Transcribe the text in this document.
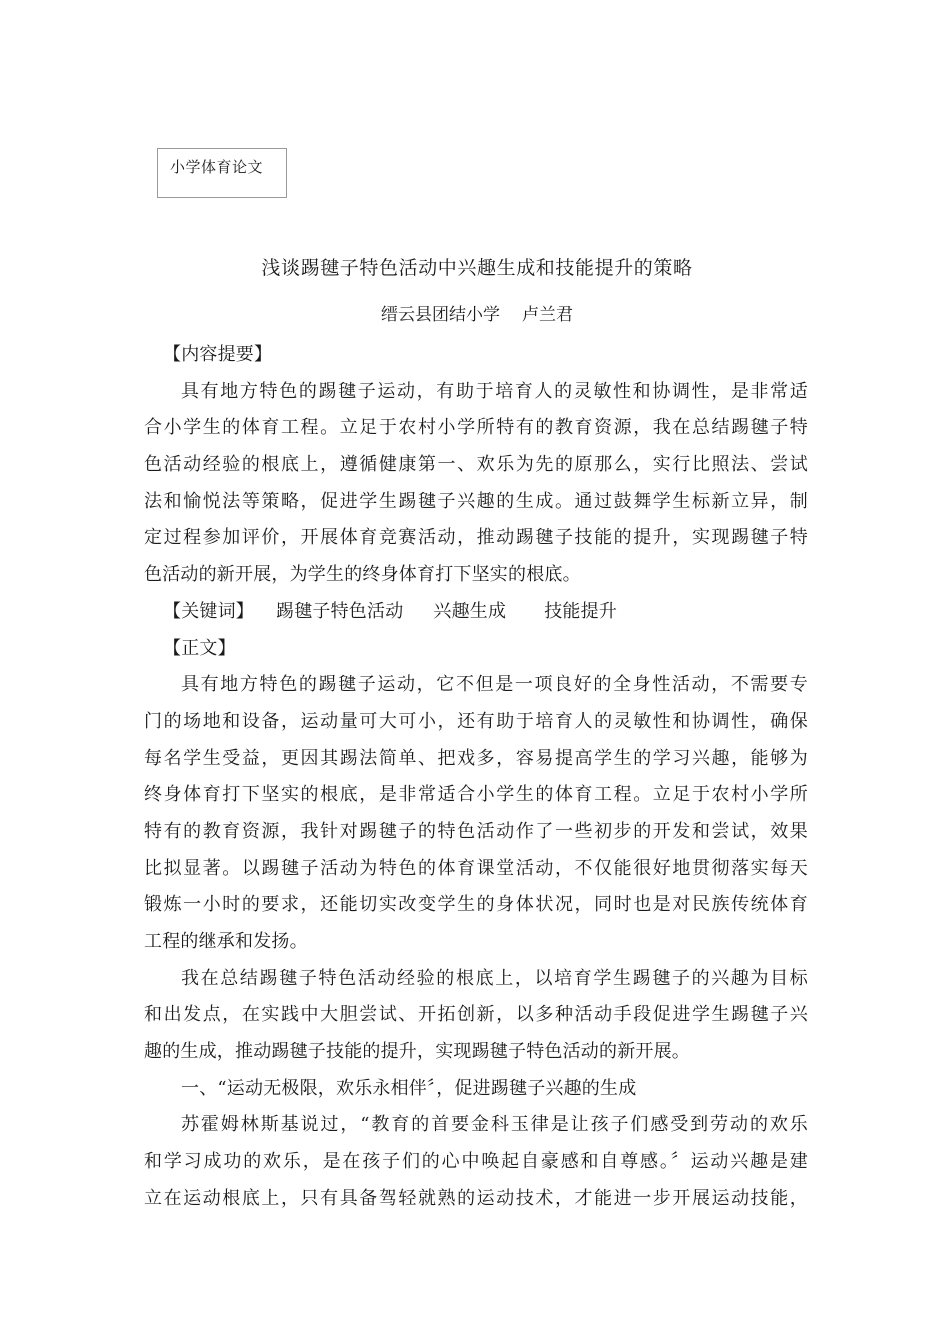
小学体育论文
浅谈踢毽子特色活动中兴趣生成和技能提升的策略
缙云县团结小学 卢兰君
【内容提要】
具有地方特色的踢毽子运动，有助于培育人的灵敏性和协调性，是非常适
合小学生的体育工程。立足于农村小学所特有的教育资源，我在总结踢毽子特
色活动经验的根底上，遵循健康第一、欢乐为先的原那么，实行比照法、尝试
法和愉悦法等策略，促进学生踢毽子兴趣的生成。通过鼓舞学生标新立异，制
定过程参加评价，开展体育竞赛活动，推动踢毽子技能的提升，实现踢毽子特
色活动的新开展，为学生的终身体育打下坚实的根底。
【关键词】 踢毽子特色活动 兴趣生成 技能提升
【正文】
具有地方特色的踢毽子运动，它不但是一项良好的全身性活动，不需要专
门的场地和设备，运动量可大可小，还有助于培育人的灵敏性和协调性，确保
每名学生受益，更因其踢法简单、把戏多，容易提高学生的学习兴趣，能够为
终身体育打下坚实的根底，是非常适合小学生的体育工程。立足于农村小学所
特有的教育资源，我针对踢毽子的特色活动作了一些初步的开发和尝试，效果
比拟显著。以踢毽子活动为特色的体育课堂活动，不仅能很好地贯彻落实每天
锻炼一小时的要求，还能切实改变学生的身体状况，同时也是对民族传统体育
工程的继承和发扬。
我在总结踢毽子特色活动经验的根底上，以培育学生踢毽子的兴趣为目标
和出发点，在实践中大胆尝试、开拓创新，以多种活动手段促进学生踢毽子兴
趣的生成，推动踢毽子技能的提升，实现踢毽子特色活动的新开展。
一、“运动无极限，欢乐永相伴〞，促进踢毽子兴趣的生成
苏霍姆林斯基说过，“教育的首要金科玉律是让孩子们感受到劳动的欢乐
和学习成功的欢乐，是在孩子们的心中唤起自豪感和自尊感。〞运动兴趣是建
立在运动根底上，只有具备驾轻就熟的运动技术，才能进一步开展运动技能，
